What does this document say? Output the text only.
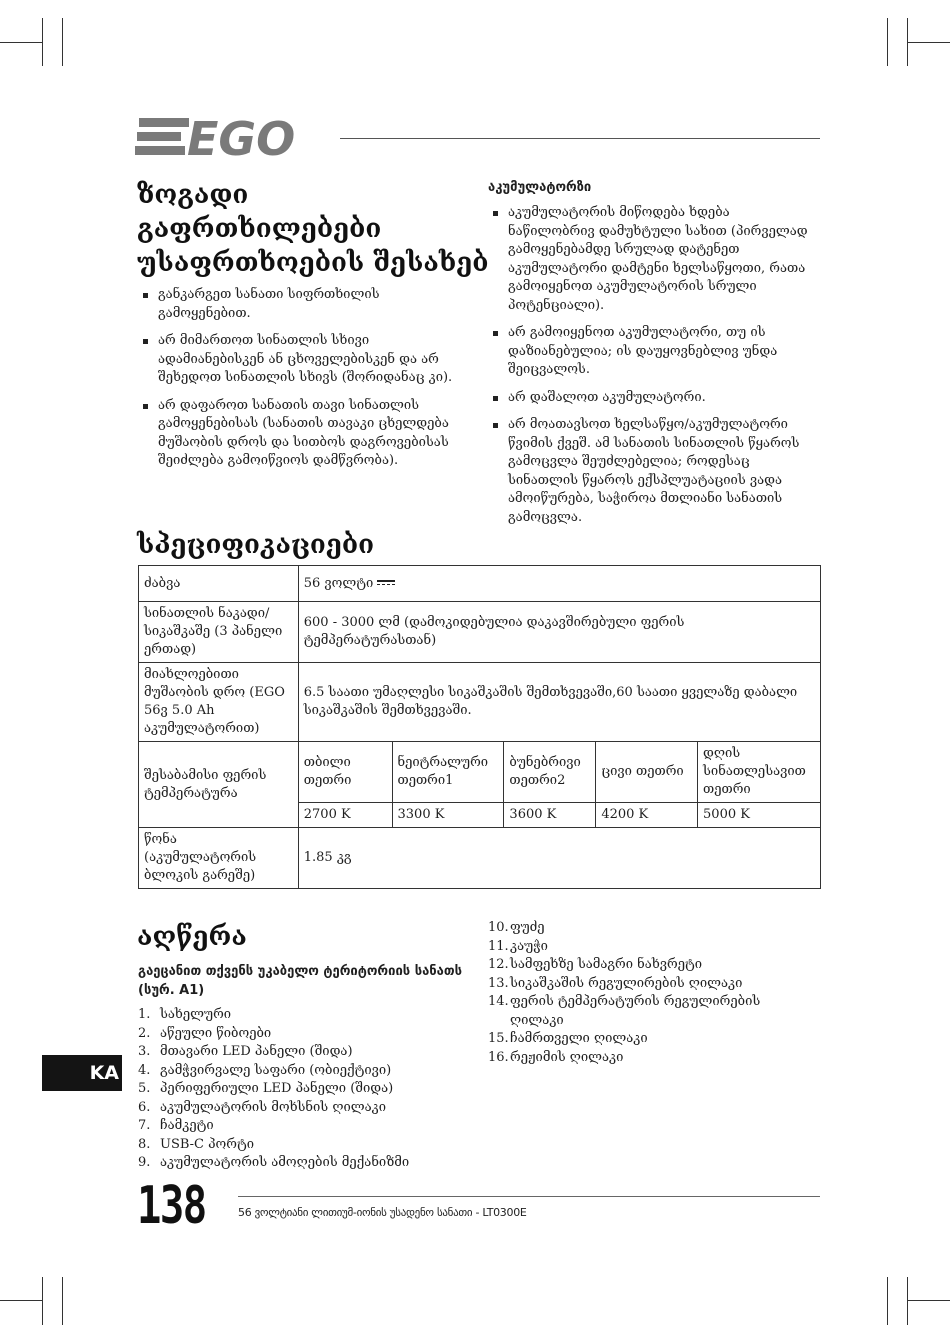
EGO
ზოგადი
გაფრთხილებები
უსაფრთხოების შესახებ
განკარგეთ სანათი სიფრთხილის გამოყენებით.
არ მიმართოთ სინათლის სხივი ადამიანებისკენ ან ცხოველებისკენ და არ შეხედოთ სინათლის სხივს (შორიდანაც კი).
არ დაფაროთ სანათის თავი სინათლის გამოყენებისას (სანათის თავაკი ცხელდება მუშაობის დროს და სითბოს დაგროვებისას შეიძლება გამოიწვიოს დამწვრობა).
აკუმულატორზი
აკუმულატორის მიწოდება ხდება ნაწილობრივ დამუხტული სახით (პირველად გამოყენებამდე სრულად დატენეთ აკუმულატორი დამტენი ხელსაწყოთი, რათა გამოიყენოთ აკუმულატორის სრული პოტენციალი).
არ გამოიყენოთ აკუმულატორი, თუ ის დაზიანებულია; ის დაუყოვნებლივ უნდა შეიცვალოს.
არ დაშალოთ აკუმულატორი.
არ მოათავსოთ ხელსაწყო/აკუმულატორი წვიმის ქვეშ. ამ სანათის სინათლის წყაროს გამოცვლა შეუძლებელია; როდესაც სინათლის წყაროს ექსპლუატაციის ვადა ამოიწურება, საჭიროა მთლიანი სანათის გამოცვლა.
სპეციფიკაციები
ძაბვა	56 ვოლტი				
სინათლის ნაკადი/ სიკაშკაშე (3 პანელი ერთად)	600 - 3000 ლმ (დამოკიდებულია დაკავშირებული ფერის ტემპერატურასთან)				
მიახლოებითი მუშაობის დრო (EGO 56ვ 5.0 Ah აკუმულატორით)	6.5 საათი უმაღლესი სიკაშკაშის შემთხვევაში,60 საათი ყველაზე დაბალი სიკაშკაშის შემთხვევაში.				
შესაბამისი ფერის ტემპერატურა	თბილი თეთრი	ნეიტრალური თეთრი1	ბუნებრივი თეთრი2	ცივი თეთრი	დღის სინათლესავით თეთრი
	2700 K	3300 K	3600 K	4200 K	5000 K
წონა (აკუმულატორის ბლოკის გარეშე)	1.85 კგ				
აღწერა
გაეცანით თქვენს უკაბელო ტერიტორიის სანათს (სურ. A1)
1. სახელური
2. აწეული წიბოები
3. მთავარი LED პანელი (შიდა)
4. გამჭვირვალე საფარი (ობიექტივი)
5. პერიფერიული LED პანელი (შიდა)
6. აკუმულატორის მოხსნის ღილაკი
7. ჩამკეტი
8. USB-C პორტი
9. აკუმულატორის ამოღების მექანიზმი
10. ფუძე
11. კაუჭი
12. სამფეხზე სამაგრი ნახვრეტი
13. სიკაშკაშის რეგულირების ღილაკი
14. ფერის ტემპერატურის რეგულირების ღილაკი
15. ჩამრთველი ღილაკი
16. რეჟიმის ღილაკი
KA
138	56 ვოლტიანი ლითიუმ-იონის უსადენო სანათი - LT0300E
